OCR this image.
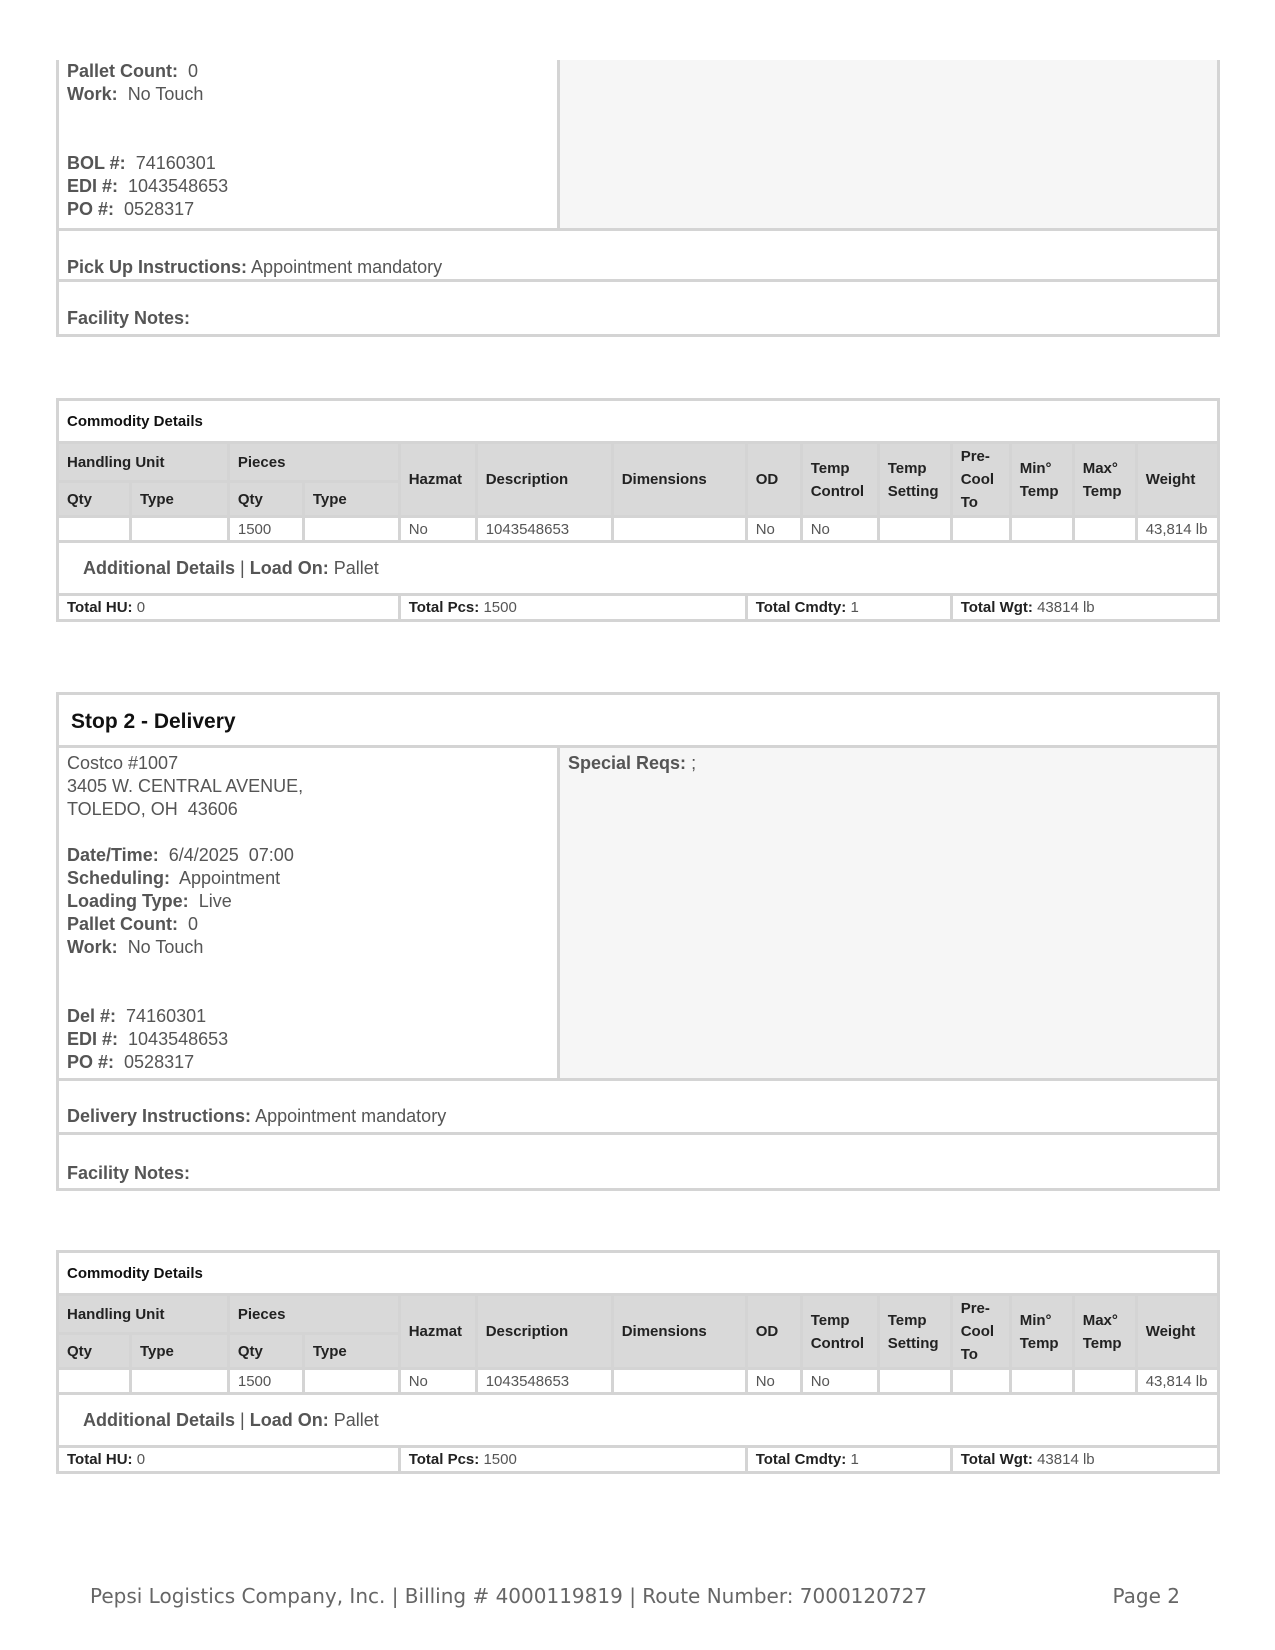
Pallet Count: 0
Work: No Touch
BOL #: 74160301
EDI #: 1043548653
PO #: 0528317
Pick Up Instructions: Appointment mandatory
Facility Notes:
Commodity Details													
Handling Unit		Pieces		Hazmat	Description	Dimensions	OD	Temp Control	Temp Setting	Pre-Cool To	Min° Temp	Max° Temp	Weight
Qty	Type	Qty	Type										
		1500		No	1043548653		No	No					43,814 lb
Additional Details | Load On: Pallet													
Total HU: 0				Total Pcs: 1500			Total Cmdty: 1			Total Wgt: 43814 lb			
Stop 2 - Delivery
Costco #1007
3405 W. CENTRAL AVENUE,
TOLEDO, OH  43606
Date/Time: 6/4/2025  07:00
Scheduling: Appointment
Loading Type: Live
Pallet Count: 0
Work: No Touch
Del #: 74160301
EDI #: 1043548653
PO #: 0528317
Special Reqs: ;
Delivery Instructions: Appointment mandatory
Facility Notes:
Commodity Details													
Handling Unit		Pieces		Hazmat	Description	Dimensions	OD	Temp Control	Temp Setting	Pre-Cool To	Min° Temp	Max° Temp	Weight
Qty	Type	Qty	Type										
		1500		No	1043548653		No	No					43,814 lb
Additional Details | Load On: Pallet													
Total HU: 0				Total Pcs: 1500			Total Cmdty: 1			Total Wgt: 43814 lb			
Pepsi Logistics Company, Inc. | Billing # 4000119819 | Route Number: 7000120727	Page 2
